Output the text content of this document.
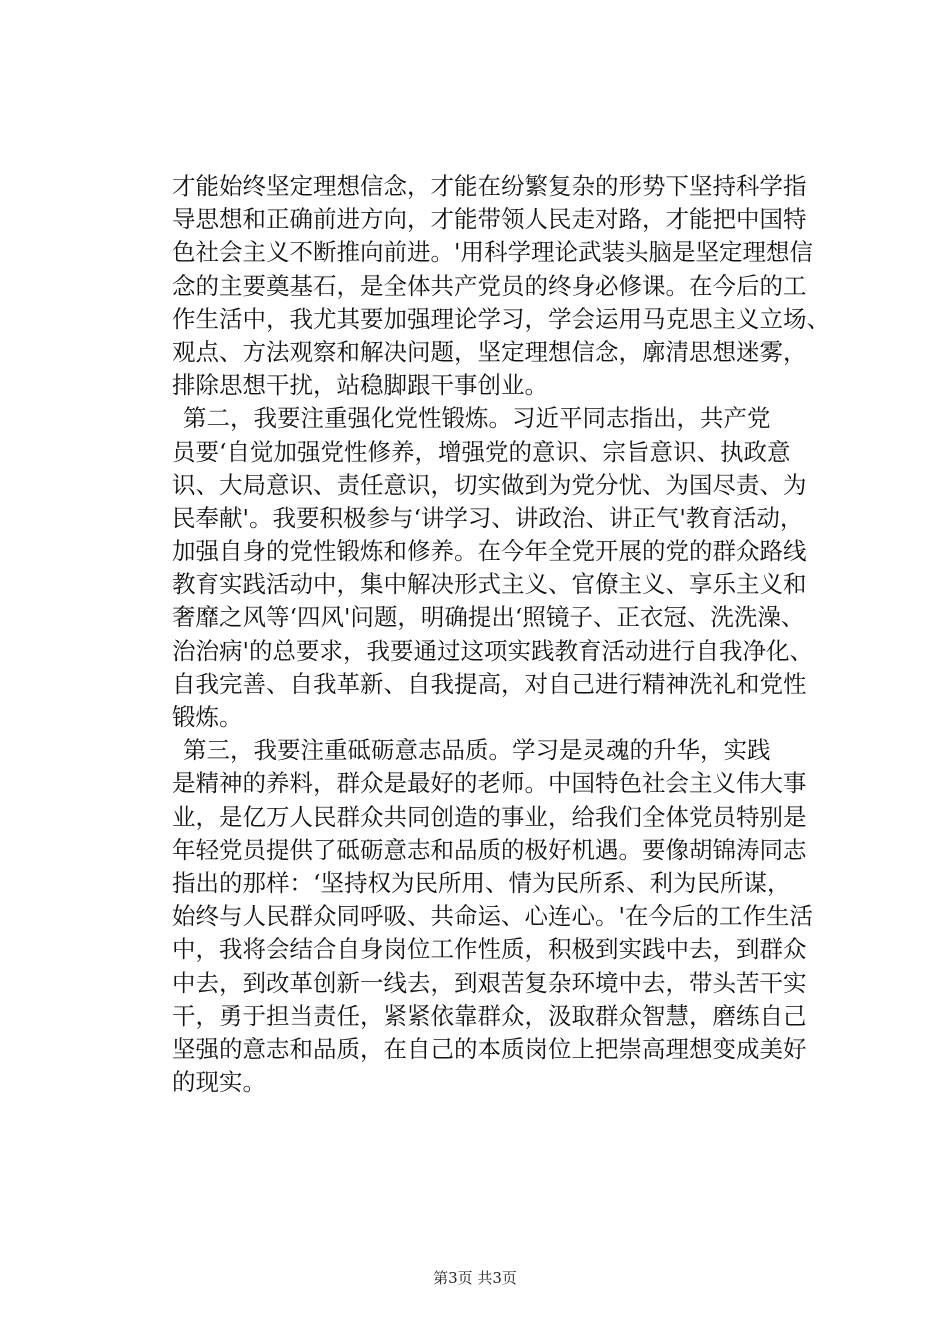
才能始终坚定理想信念，才能在纷繁复杂的形势下坚持科学指
导思想和正确前进方向，才能带领人民走对路，才能把中国特
色社会主义不断推向前进。'用科学理论武装头脑是坚定理想信
念的主要奠基石，是全体共产党员的终身必修课。在今后的工
作生活中，我尤其要加强理论学习，学会运用马克思主义立场、
观点、方法观察和解决问题，坚定理想信念，廓清思想迷雾，
排除思想干扰，站稳脚跟干事创业。
第二，我要注重强化党性锻炼。习近平同志指出，共产党
员要‘自觉加强党性修养，增强党的意识、宗旨意识、执政意
识、大局意识、责任意识，切实做到为党分忧、为国尽责、为
民奉献'。我要积极参与‘讲学习、讲政治、讲正气'教育活动，
加强自身的党性锻炼和修养。在今年全党开展的党的群众路线
教育实践活动中，集中解决形式主义、官僚主义、享乐主义和
奢靡之风等‘四风'问题，明确提出‘照镜子、正衣冠、洗洗澡、
治治病'的总要求，我要通过这项实践教育活动进行自我净化、
自我完善、自我革新、自我提高，对自己进行精神洗礼和党性
锻炼。
第三，我要注重砥砺意志品质。学习是灵魂的升华，实践
是精神的养料，群众是最好的老师。中国特色社会主义伟大事
业，是亿万人民群众共同创造的事业，给我们全体党员特别是
年轻党员提供了砥砺意志和品质的极好机遇。要像胡锦涛同志
指出的那样：‘坚持权为民所用、情为民所系、利为民所谋，
始终与人民群众同呼吸、共命运、心连心。'在今后的工作生活
中，我将会结合自身岗位工作性质，积极到实践中去，到群众
中去，到改革创新一线去，到艰苦复杂环境中去，带头苦干实
干，勇于担当责任，紧紧依靠群众，汲取群众智慧，磨练自己
坚强的意志和品质，在自己的本质岗位上把崇高理想变成美好
的现实。
第3页 共3页
